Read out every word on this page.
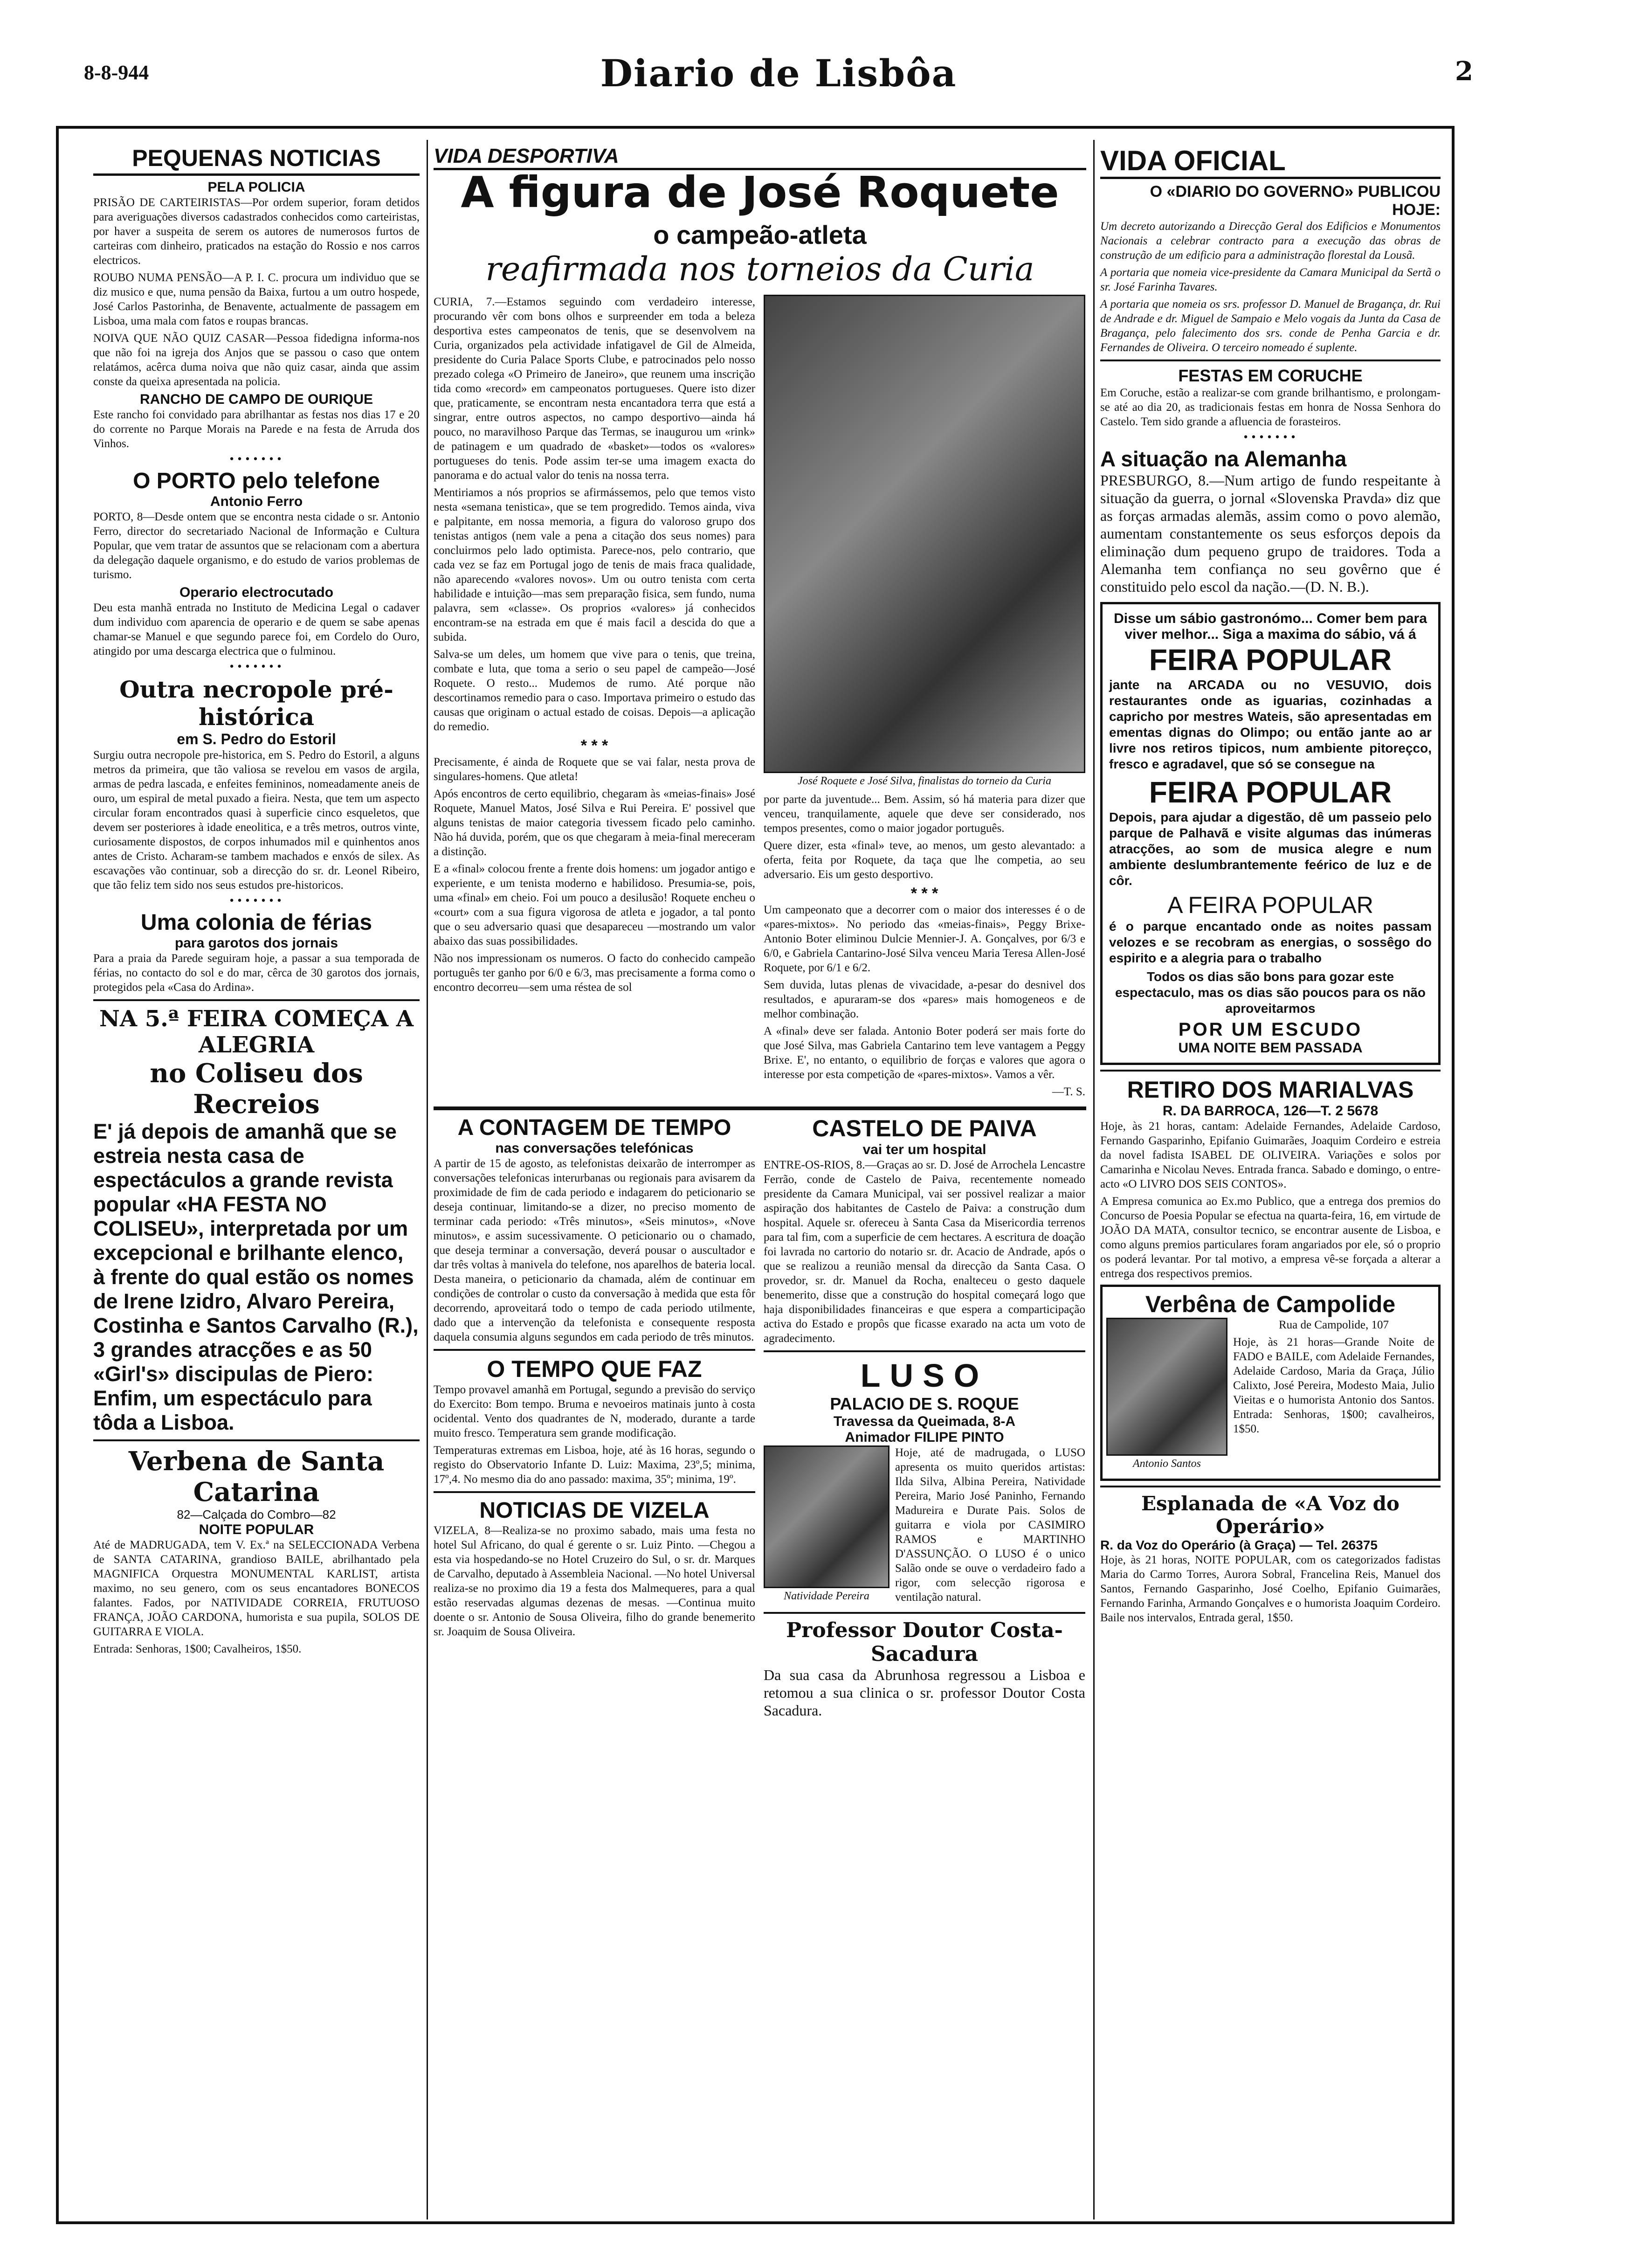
8-8-944	Diario de Lisbôa	2
PEQUENAS NOTICIAS
PELA POLICIA

PRISÃO DE CARTEIRISTAS—Por ordem superior, foram detidos para averiguações diversos cadastrados conhecidos como carteiristas, por haver a suspeita de serem os autores de numerosos furtos de carteiras com dinheiro, praticados na estação do Rossio e nos carros electricos.

ROUBO NUMA PENSÃO—A P. I. C. procura um individuo que se diz musico e que, numa pensão da Baixa, furtou a um outro hospede, José Carlos Pastorinha, de Benavente, actualmente de passagem em Lisboa, uma mala com fatos e roupas brancas.

NOIVA QUE NÃO QUIZ CASAR—Pessoa fidedigna informa-nos que não foi na igreja dos Anjos que se passou o caso que ontem relatámos, acêrca duma noiva que não quiz casar, ainda que assim conste da queixa apresentada na policia.

RANCHO DE CAMPO DE OURIQUE

Este rancho foi convidado para abrilhantar as festas nos dias 17 e 20 do corrente no Parque Morais na Parede e na festa de Arruda dos Vinhos.

•••••••
O PORTO pelo telefone
Antonio Ferro

PORTO, 8—Desde ontem que se encontra nesta cidade o sr. Antonio Ferro, director do secretariado Nacional de Informação e Cultura Popular, que vem tratar de assuntos que se relacionam com a abertura da delegação daquele organismo, e do estudo de varios problemas de turismo.

Operario electrocutado

Deu esta manhã entrada no Instituto de Medicina Legal o cadaver dum individuo com aparencia de operario e de quem se sabe apenas chamar-se Manuel e que segundo parece foi, em Cordelo do Ouro, atingido por uma descarga electrica que o fulminou.

•••••••
Outra necropole pré-histórica
em S. Pedro do Estoril

Surgiu outra necropole pre-historica, em S. Pedro do Estoril, a alguns metros da primeira, que tão valiosa se revelou em vasos de argila, armas de pedra lascada, e enfeites femininos, nomeadamente aneis de ouro, um espiral de metal puxado a fieira. Nesta, que tem um aspecto circular foram encontrados quasi à superficie cinco esqueletos, que devem ser posteriores à idade eneolitica, e a três metros, outros vinte, curiosamente dispostos, de corpos inhumados mil e quinhentos anos antes de Cristo. Acharam-se tambem machados e enxós de silex. As escavações vão continuar, sob a direcção do sr. dr. Leonel Ribeiro, que tão feliz tem sido nos seus estudos pre-historicos.

•••••••
Uma colonia de férias
para garotos dos jornais

Para a praia da Parede seguiram hoje, a passar a sua temporada de férias, no contacto do sol e do mar, cêrca de 30 garotos dos jornais, protegidos pela «Casa do Ardina».

NA 5.ª FEIRA COMEÇA A ALEGRIA
no Coliseu dos Recreios

E' já depois de amanhã que se estreia nesta casa de espectáculos a grande revista popular «HA FESTA NO COLISEU», interpretada por um excepcional e brilhante elenco, à frente do qual estão os nomes de Irene Izidro, Alvaro Pereira, Costinha e Santos Carvalho (R.), 3 grandes atracções e as 50 «Girl's» discipulas de Piero: Enfim, um espectáculo para tôda a Lisboa.

Verbena de Santa Catarina
82—Calçada do Combro—82
NOITE POPULAR

Até de MADRUGADA, tem V. Ex.ª na SELECCIONADA Verbena de SANTA CATARINA, grandioso BAILE, abrilhantado pela MAGNIFICA Orquestra MONUMENTAL KARLIST, artista maximo, no seu genero, com os seus encantadores BONECOS falantes. Fados, por NATIVIDADE CORREIA, FRUTUOSO FRANÇA, JOÃO CARDONA, humorista e sua pupila, SOLOS DE GUITARRA E VIOLA.

Entrada: Senhoras, 1$00; Cavalheiros, 1$50.

VIDA DESPORTIVA
A figura de José Roquete
o campeão-atleta
reafirmada nos torneios da Curia

CURIA, 7.—Estamos seguindo com verdadeiro interesse, procurando vêr com bons olhos e surpreender em toda a beleza desportiva estes campeonatos de tenis, que se desenvolvem na Curia, organizados pela actividade infatigavel de Gil de Almeida, presidente do Curia Palace Sports Clube, e patrocinados pelo nosso prezado colega «O Primeiro de Janeiro», que reunem uma inscrição tida como «record» em campeonatos portugueses. Quere isto dizer que, praticamente, se encontram nesta encantadora terra que está a singrar, entre outros aspectos, no campo desportivo—ainda há pouco, no maravilhoso Parque das Termas, se inaugurou um «rink» de patinagem e um quadrado de «basket»—todos os «valores» portugueses do tenis. Pode assim ter-se uma imagem exacta do panorama e do actual valor do tenis na nossa terra.

Mentiriamos a nós proprios se afirmássemos, pelo que temos visto nesta «semana tenistica», que se tem progredido. Temos ainda, viva e palpitante, em nossa memoria, a figura do valoroso grupo dos tenistas antigos (nem vale a pena a citação dos seus nomes) para concluirmos pelo lado optimista. Parece-nos, pelo contrario, que cada vez se faz em Portugal jogo de tenis de mais fraca qualidade, não aparecendo «valores novos». Um ou outro tenista com certa habilidade e intuição—mas sem preparação fisica, sem fundo, numa palavra, sem «classe». Os proprios «valores» já conhecidos encontram-se na estrada em que é mais facil a descida do que a subida.

Salva-se um deles, um homem que vive para o tenis, que treina, combate e luta, que toma a serio o seu papel de campeão—José Roquete. O resto... Mudemos de rumo. Até porque não descortinamos remedio para o caso. Importava primeiro o estudo das causas que originam o actual estado de coisas. Depois—a aplicação do remedio.

* * *

Precisamente, é ainda de Roquete que se vai falar, nesta prova de singulares-homens. Que atleta!

Após encontros de certo equilibrio, chegaram às «meias-finais» José Roquete, Manuel Matos, José Silva e Rui Pereira. E' possivel que alguns tenistas de maior categoria tivessem ficado pelo caminho. Não há duvida, porém, que os que chegaram à meia-final mereceram a distinção.

E a «final» colocou frente a frente dois homens: um jogador antigo e experiente, e um tenista moderno e habilidoso. Presumia-se, pois, uma «final» em cheio. Foi um pouco a desilusão! Roquete encheu o «court» com a sua figura vigorosa de atleta e jogador, a tal ponto que o seu adversario quasi que desapareceu —mostrando um valor abaixo das suas possibilidades.

Não nos impressionam os numeros. O facto do conhecido campeão português ter ganho por 6/0 e 6/3, mas precisamente a forma como o encontro decorreu—sem uma réstea de sol

José Roquete e José Silva, finalistas do torneio da Curia

por parte da juventude... Bem. Assim, só há materia para dizer que venceu, tranquilamente, aquele que deve ser considerado, nos tempos presentes, como o maior jogador português.

Quere dizer, esta «final» teve, ao menos, um gesto alevantado: a oferta, feita por Roquete, da taça que lhe competia, ao seu adversario. Eis um gesto desportivo.

* * *

Um campeonato que a decorrer com o maior dos interesses é o de «pares-mixtos». No periodo das «meias-finais», Peggy Brixe-Antonio Boter eliminou Dulcie Mennier-J. A. Gonçalves, por 6/3 e 6/0, e Gabriela Cantarino-José Silva venceu Maria Teresa Allen-José Roquete, por 6/1 e 6/2.

Sem duvida, lutas plenas de vivacidade, a-pesar do desnivel dos resultados, e apuraram-se dos «pares» mais homogeneos e de melhor combinação.

A «final» deve ser falada. Antonio Boter poderá ser mais forte do que José Silva, mas Gabriela Cantarino tem leve vantagem a Peggy Brixe. E', no entanto, o equilibrio de forças e valores que agora o interesse por esta competição de «pares-mixtos». Vamos a vêr.

—T. S.

A CONTAGEM DE TEMPO
nas conversações telefónicas

A partir de 15 de agosto, as telefonistas deixarão de interromper as conversações telefonicas interurbanas ou regionais para avisarem da proximidade de fim de cada periodo e indagarem do peticionario se deseja continuar, limitando-se a dizer, no preciso momento de terminar cada periodo: «Três minutos», «Seis minutos», «Nove minutos», e assim sucessivamente. O peticionario ou o chamado, que deseja terminar a conversação, deverá pousar o auscultador e dar três voltas à manivela do telefone, nos aparelhos de bateria local. Desta maneira, o peticionario da chamada, além de continuar em condições de controlar o custo da conversação à medida que esta fôr decorrendo, aproveitará todo o tempo de cada periodo utilmente, dado que a intervenção da telefonista e consequente resposta daquela consumia alguns segundos em cada periodo de três minutos.

O TEMPO QUE FAZ

Tempo provavel amanhã em Portugal, segundo a previsão do serviço do Exercito: Bom tempo. Bruma e nevoeiros matinais junto à costa ocidental. Vento dos quadrantes de N, moderado, durante a tarde muito fresco. Temperatura sem grande modificação.

Temperaturas extremas em Lisboa, hoje, até às 16 horas, segundo o registo do Observatorio Infante D. Luiz: Maxima, 23º,5; minima, 17º,4. No mesmo dia do ano passado: maxima, 35º; minima, 19º.

NOTICIAS DE VIZELA

VIZELA, 8—Realiza-se no proximo sabado, mais uma festa no hotel Sul Africano, do qual é gerente o sr. Luiz Pinto. —Chegou a esta via hospedando-se no Hotel Cruzeiro do Sul, o sr. dr. Marques de Carvalho, deputado à Assembleia Nacional. —No hotel Universal realiza-se no proximo dia 19 a festa dos Malmequeres, para a qual estão reservadas algumas dezenas de mesas. —Continua muito doente o sr. Antonio de Sousa Oliveira, filho do grande benemerito sr. Joaquim de Sousa Oliveira.

CASTELO DE PAIVA
vai ter um hospital

ENTRE-OS-RIOS, 8.—Graças ao sr. D. José de Arrochela Lencastre Ferrão, conde de Castelo de Paiva, recentemente nomeado presidente da Camara Municipal, vai ser possivel realizar a maior aspiração dos habitantes de Castelo de Paiva: a construção dum hospital. Aquele sr. ofereceu à Santa Casa da Misericordia terrenos para tal fim, com a superficie de cem hectares. A escritura de doação foi lavrada no cartorio do notario sr. dr. Acacio de Andrade, após o que se realizou a reunião mensal da direcção da Santa Casa. O provedor, sr. dr. Manuel da Rocha, enalteceu o gesto daquele benemerito, disse que a construção do hospital começará logo que haja disponibilidades financeiras e que espera a comparticipação activa do Estado e propôs que ficasse exarado na acta um voto de agradecimento.

LUSO
PALACIO DE S. ROQUE
Travessa da Queimada, 8-A
Animador FILIPE PINTO
Natividade Pereira

Hoje, até de madrugada, o LUSO apresenta os muito queridos artistas: Ilda Silva, Albina Pereira, Natividade Pereira, Mario José Paninho, Fernando Madureira e Durate Pais. Solos de guitarra e viola por CASIMIRO RAMOS e MARTINHO D'ASSUNÇÃO. O LUSO é o unico Salão onde se ouve o verdadeiro fado a rigor, com selecção rigorosa e ventilação natural.

Professor Doutor Costa-Sacadura

Da sua casa da Abrunhosa regressou a Lisboa e retomou a sua clinica o sr. professor Doutor Costa Sacadura.

VIDA OFICIAL
O «DIARIO DO GOVERNO» PUBLICOU HOJE:

Um decreto autorizando a Direcção Geral dos Edificios e Monumentos Nacionais a celebrar contracto para a execução das obras de construção de um edificio para a administração florestal da Lousã.

A portaria que nomeia vice-presidente da Camara Municipal da Sertã o sr. José Farinha Tavares.

A portaria que nomeia os srs. professor D. Manuel de Bragança, dr. Rui de Andrade e dr. Miguel de Sampaio e Melo vogais da Junta da Casa de Bragança, pelo falecimento dos srs. conde de Penha Garcia e dr. Fernandes de Oliveira. O terceiro nomeado é suplente.

FESTAS EM CORUCHE

Em Coruche, estão a realizar-se com grande brilhantismo, e prolongam-se até ao dia 20, as tradicionais festas em honra de Nossa Senhora do Castelo. Tem sido grande a afluencia de forasteiros.

•••••••
A situação na Alemanha

PRESBURGO, 8.—Num artigo de fundo respeitante à situação da guerra, o jornal «Slovenska Pravda» diz que as forças armadas alemãs, assim como o povo alemão, aumentam constantemente os seus esforços depois da eliminação dum pequeno grupo de traidores. Toda a Alemanha tem confiança no seu govêrno que é constituido pelo escol da nação.—(D. N. B.).

Disse um sábio gastronómo... Comer bem para viver melhor... Siga a maxima do sábio, vá á
FEIRA POPULAR

jante na ARCADA ou no VESUVIO, dois restaurantes onde as iguarias, cozinhadas a capricho por mestres Wateis, são apresentadas em ementas dignas do Olimpo; ou então jante ao ar livre nos retiros tipicos, num ambiente pitoreçco, fresco e agradavel, que só se consegue na

FEIRA POPULAR

Depois, para ajudar a digestão, dê um passeio pelo parque de Palhavã e visite algumas das inúmeras atracções, ao som de musica alegre e num ambiente deslumbrantemente feérico de luz e de côr.

A FEIRA POPULAR

é o parque encantado onde as noites passam velozes e se recobram as energias, o sossêgo do espirito e a alegria para o trabalho

Todos os dias são bons para gozar este espectaculo, mas os dias são poucos para os não aproveitarmos

POR UM ESCUDO
UMA NOITE BEM PASSADA
RETIRO DOS MARIALVAS
R. DA BARROCA, 126—T. 2 5678

Hoje, às 21 horas, cantam: Adelaide Fernandes, Adelaide Cardoso, Fernando Gasparinho, Epifanio Guimarães, Joaquim Cordeiro e estreia da novel fadista ISABEL DE OLIVEIRA. Variações e solos por Camarinha e Nicolau Neves. Entrada franca. Sabado e domingo, o entre-acto «O LIVRO DOS SEIS CONTOS».

A Empresa comunica ao Ex.mo Publico, que a entrega dos premios do Concurso de Poesia Popular se efectua na quarta-feira, 16, em virtude de JOÃO DA MATA, consultor tecnico, se encontrar ausente de Lisboa, e como alguns premios particulares foram angariados por ele, só o proprio os poderá levantar. Por tal motivo, a empresa vê-se forçada a alterar a entrega dos respectivos premios.

Verbêna de Campolide
Antonio Santos

Rua de Campolide, 107

Hoje, às 21 horas—Grande Noite de FADO e BAILE, com Adelaide Fernandes, Adelaide Cardoso, Maria da Graça, Júlio Calixto, José Pereira, Modesto Maia, Julio Vieitas e o humorista Antonio dos Santos. Entrada: Senhoras, 1$00; cavalheiros, 1$50.

Esplanada de «A Voz do Operário»
R. da Voz do Operário (à Graça) — Tel. 26375

Hoje, às 21 horas, NOITE POPULAR, com os categorizados fadistas Maria do Carmo Torres, Aurora Sobral, Francelina Reis, Manuel dos Santos, Fernando Gasparinho, José Coelho, Epifanio Guimarães, Fernando Farinha, Armando Gonçalves e o humorista Joaquim Cordeiro. Baile nos intervalos, Entrada geral, 1$50.
